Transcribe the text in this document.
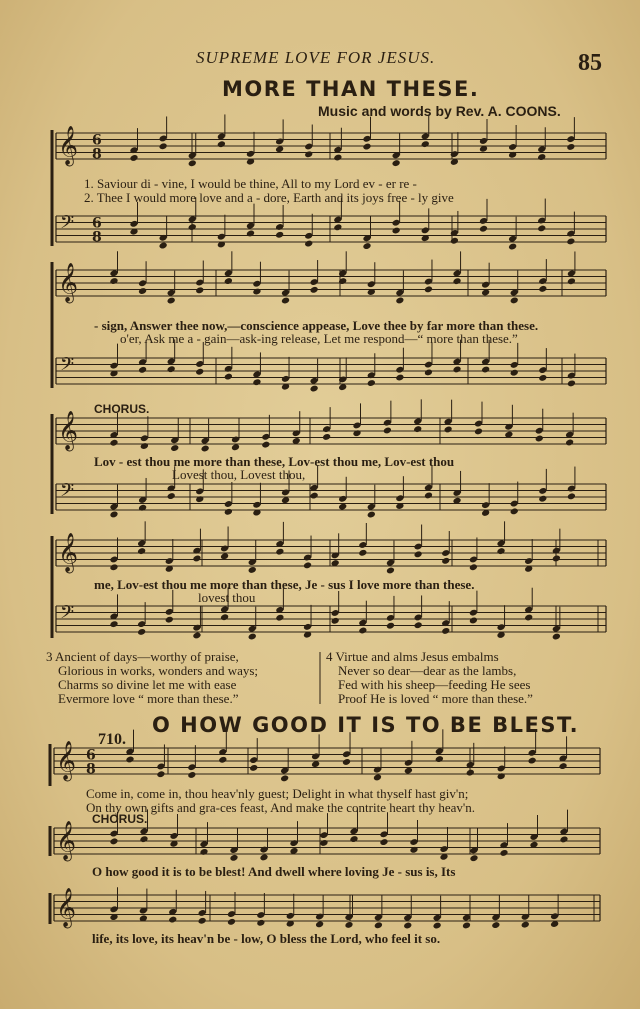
SUPREME LOVE FOR JESUS.	85
MORE THAN THESE.
Music and words by Rev. A. COONS.
𝄞 6
8
𝄢 6
8
𝄞
𝄢
𝄞
𝄢
𝄞
𝄢
𝄞 6
8
𝄞
𝄞
1. Saviour di - vine, I would be thine, All to my Lord ev - er re -
2. Thee I would more love and a - dore, Earth and its joys free - ly give
- sign, Answer thee now,—conscience appease, Love thee by far more than these.
o'er, Ask me a - gain—ask-ing release, Let me respond—“ more than these.”
CHORUS.
Lov - est thou me more than these, Lov-est thou me, Lov-est thou
Lovest thou, Lovest thou,
me, Lov-est thou me more than these, Je - sus I love more than these.
lovest thou
3 Ancient of days—worthy of praise,
Glorious in works, wonders and ways;
Charms so divine let me with ease
Evermore love “ more than these.”
4 Virtue and alms Jesus embalms
Never so dear—dear as the lambs,
Fed with his sheep—feeding He sees
Proof He is loved “ more than these.”
O HOW GOOD IT IS TO BE BLEST.
710.
Come in, come in, thou heav'nly guest; Delight in what thyself hast giv'n;
On thy own gifts and gra-ces feast, And make the contrite heart thy heav'n.
CHORUS.
O how good it is to be blest! And dwell where loving Je - sus is, Its
life, its love, its heav'n be - low, O bless the Lord, who feel it so.
